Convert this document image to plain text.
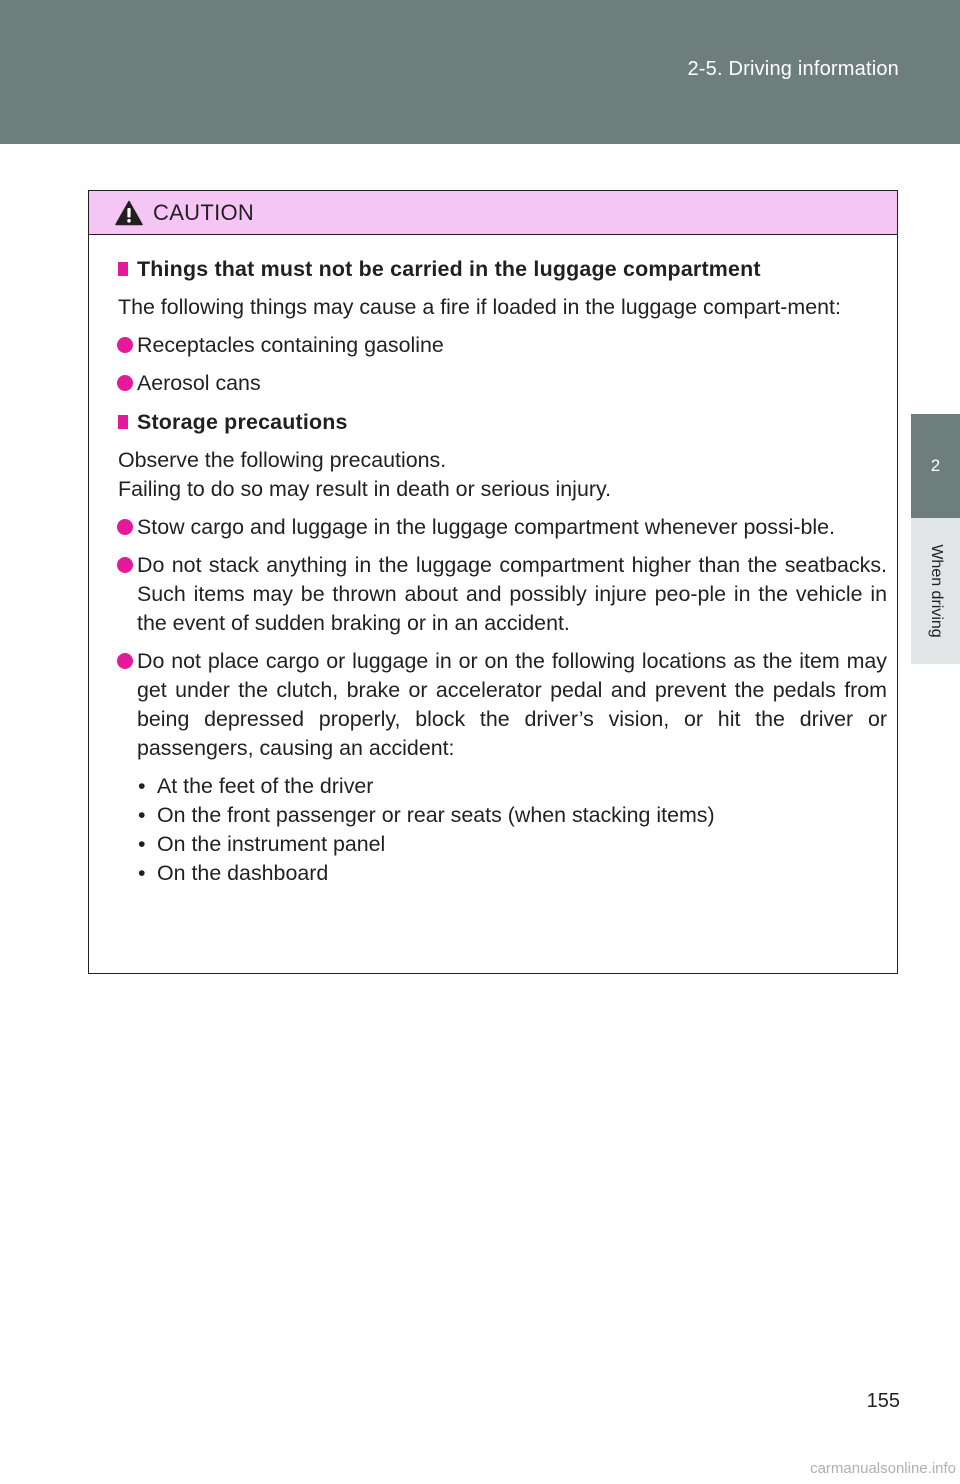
2-5. Driving information
2
When driving
CAUTION
Things that must not be carried in the luggage compartment
The following things may cause a fire if loaded in the luggage compart-ment:
Receptacles containing gasoline
Aerosol cans
Storage precautions
Observe the following precautions.
Failing to do so may result in death or serious injury.
Stow cargo and luggage in the luggage compartment whenever possi-ble.
Do not stack anything in the luggage compartment higher than the seatbacks. Such items may be thrown about and possibly injure peo-ple in the vehicle in the event of sudden braking or in an accident.
Do not place cargo or luggage in or on the following locations as the item may get under the clutch, brake or accelerator pedal and prevent the pedals from being depressed properly, block the driver’s vision, or hit the driver or passengers, causing an accident:
• At the feet of the driver
• On the front passenger or rear seats (when stacking items)
• On the instrument panel
• On the dashboard
155
carmanualsonline.info
